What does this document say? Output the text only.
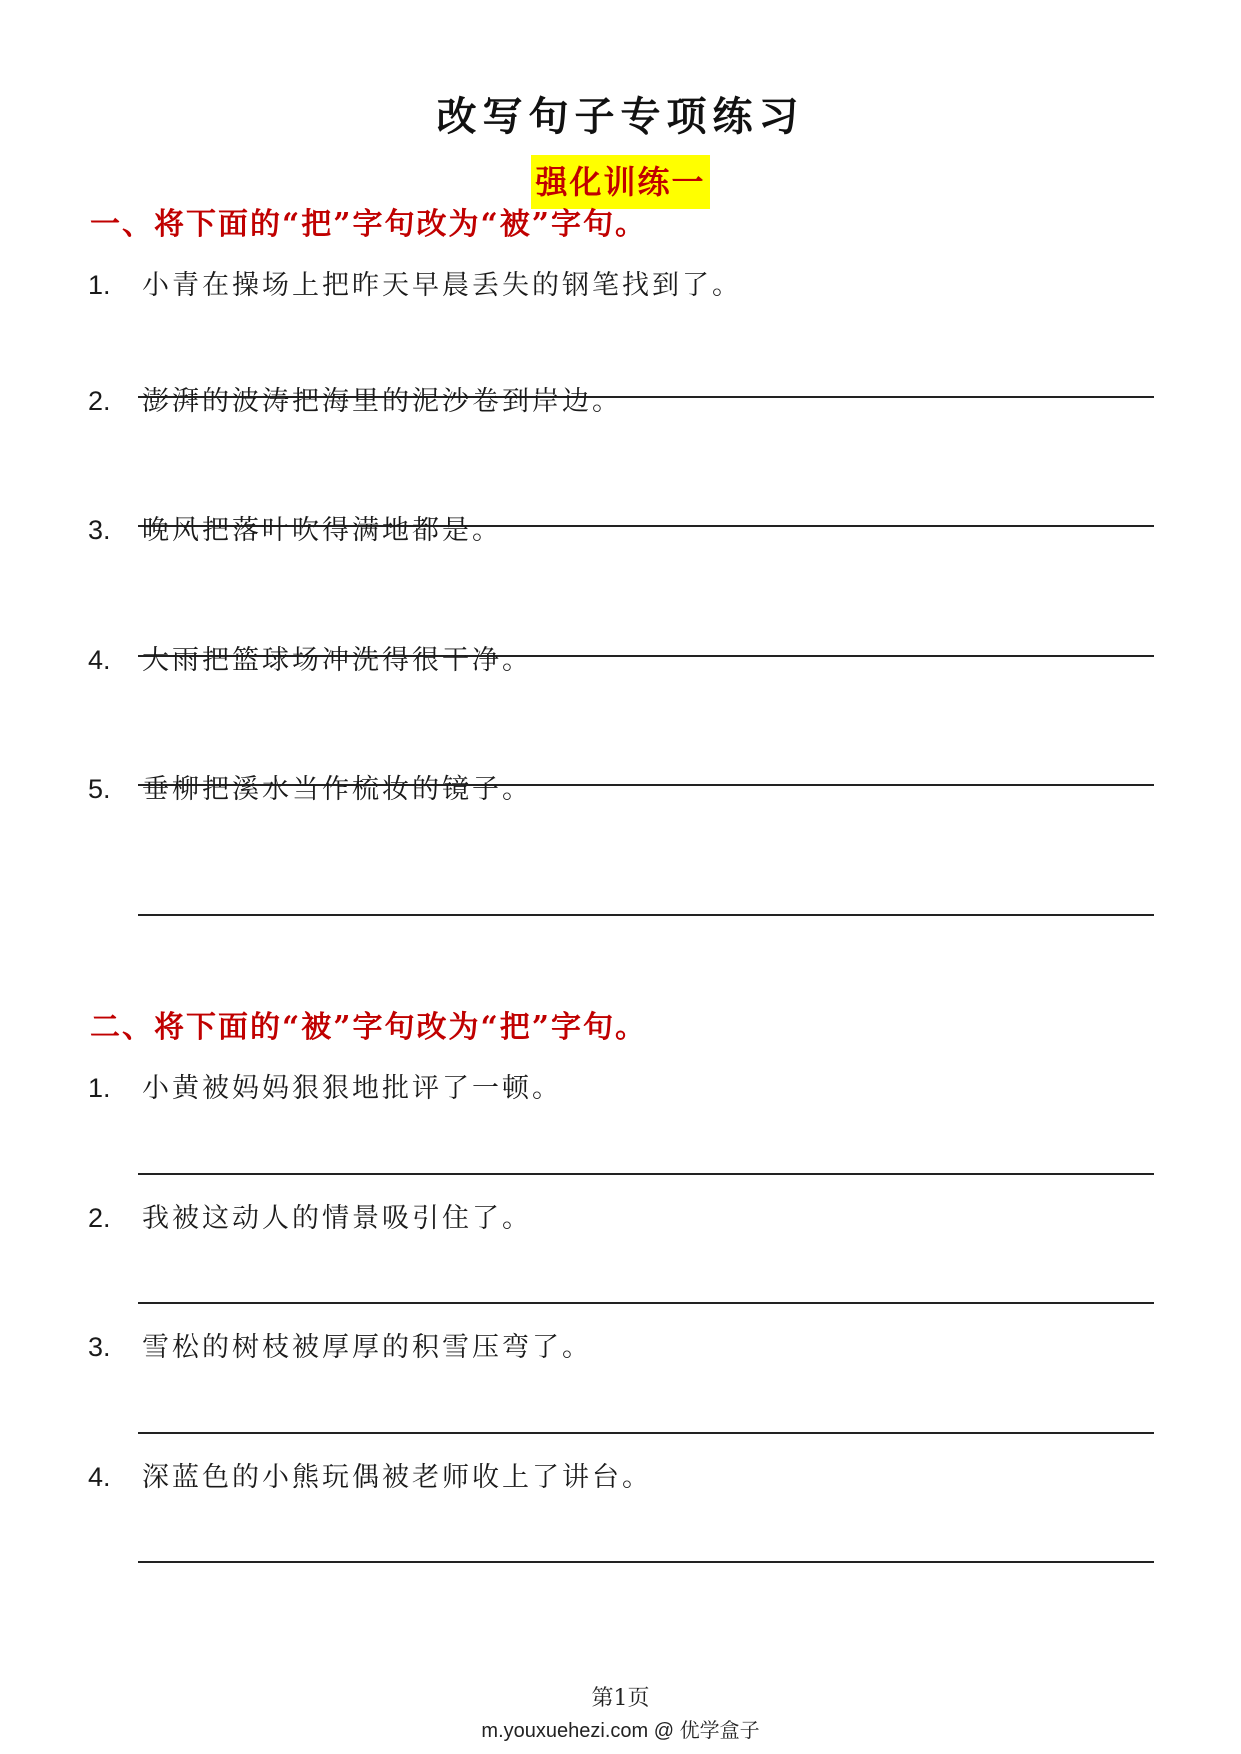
改写句子专项练习
强化训练一
一、将下面的“把”字句改为“被”字句。
1. 小青在操场上把昨天早晨丢失的钢笔找到了。
2. 澎湃的波涛把海里的泥沙卷到岸边。
3. 晚风把落叶吹得满地都是。
4. 大雨把篮球场冲洗得很干净。
5. 垂柳把溪水当作梳妆的镜子。
二、将下面的“被”字句改为“把”字句。
1. 小黄被妈妈狠狠地批评了一顿。
2. 我被这动人的情景吸引住了。
3. 雪松的树枝被厚厚的积雪压弯了。
4. 深蓝色的小熊玩偶被老师收上了讲台。
第1页
m.youxuehezi.com @ 优学盒子
